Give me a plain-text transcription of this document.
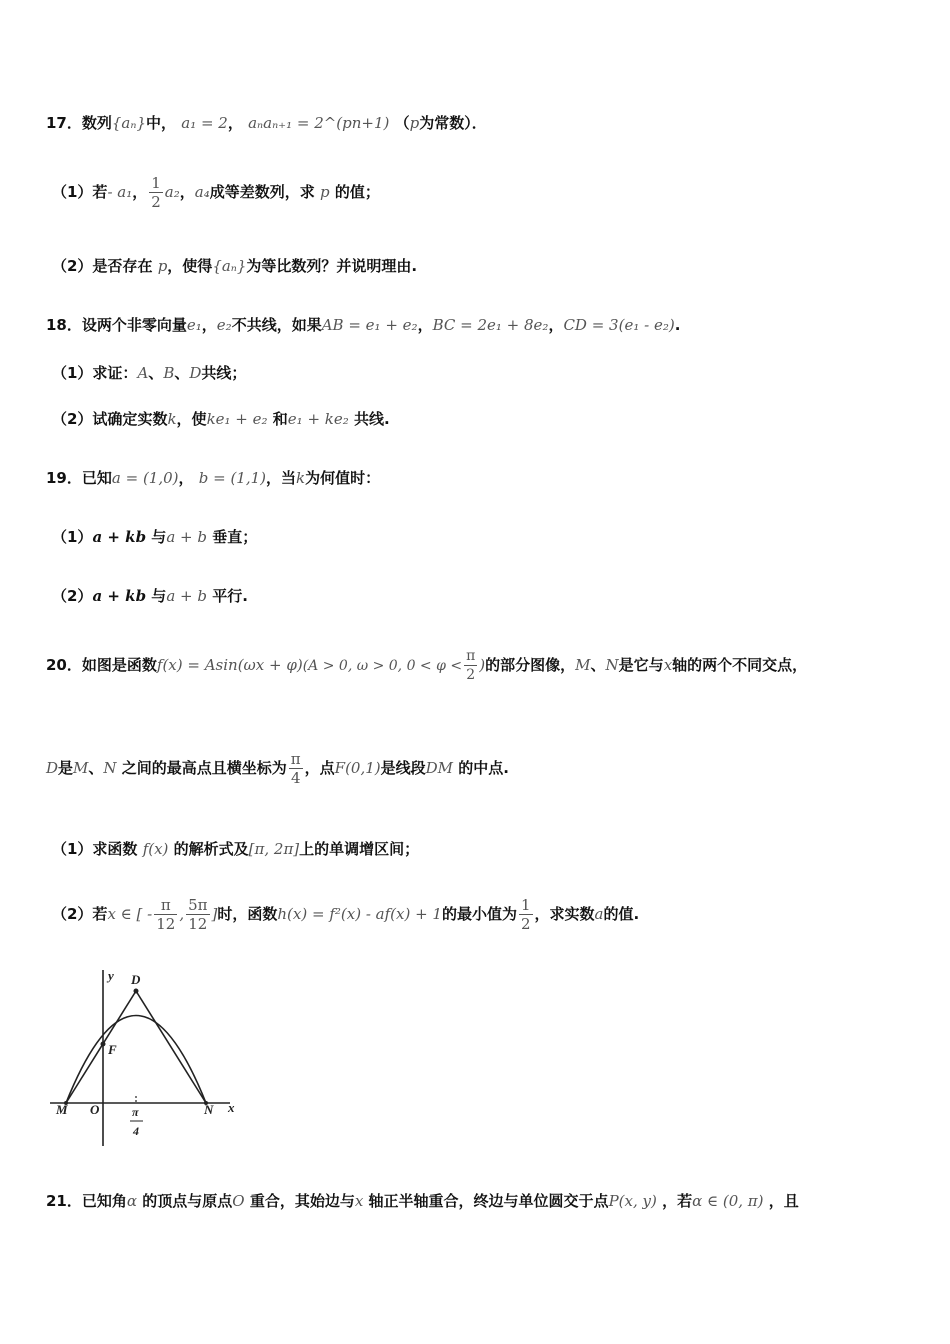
17．数列{aₙ}中， a₁ = 2， aₙaₙ₊₁ = 2^(pn+1) （p为常数）．
（1）若- a₁， $\frac{1}{2} a_2$，a₄成等差数列，求 p 的值；
（2）是否存在 p，使得{aₙ}为等比数列？并说明理由.
18．设两个非零向量e₁，e₂不共线，如果AB = e₁ + e₂，BC = 2e₁ + 8e₂，CD = 3(e₁ - e₂).
（1）求证：A、B、D共线；
（2）试确定实数k，使ke₁ + e₂ 和e₁ + ke₂ 共线.
19．已知a = (1,0)， b = (1,1)，当k为何值时：
（1）a + kb 与a + b 垂直；
（2）a + kb 与a + b 平行.
20．如图是函数f(x) = Asin(ωx + φ)(A > 0, ω > 0, $0 < \varphi < \frac{\pi}{2}$ )的部分图像，M、N是它与x轴的两个不同交点，
D是M、N 之间的最高点且横坐标为 $\frac{\pi}{4}$ ，点F(0,1)是线段DM 的中点.
（1）求函数 f(x) 的解析式及[π, 2π]上的单调增区间；
（2）若x ∈ [ - $\frac{\pi}{12}$ , $\frac{5\pi}{12}$ ]时，函数h(x) = f²(x) - af(x) + 1的最小值为 $\frac{1}{2}$ ，求实数a的值.
y
x
D
F
M O	N
π
4
21．已知角α 的顶点与原点O 重合，其始边与x 轴正半轴重合，终边与单位圆交于点P(x, y) ，若α ∈ (0, π) ，且
